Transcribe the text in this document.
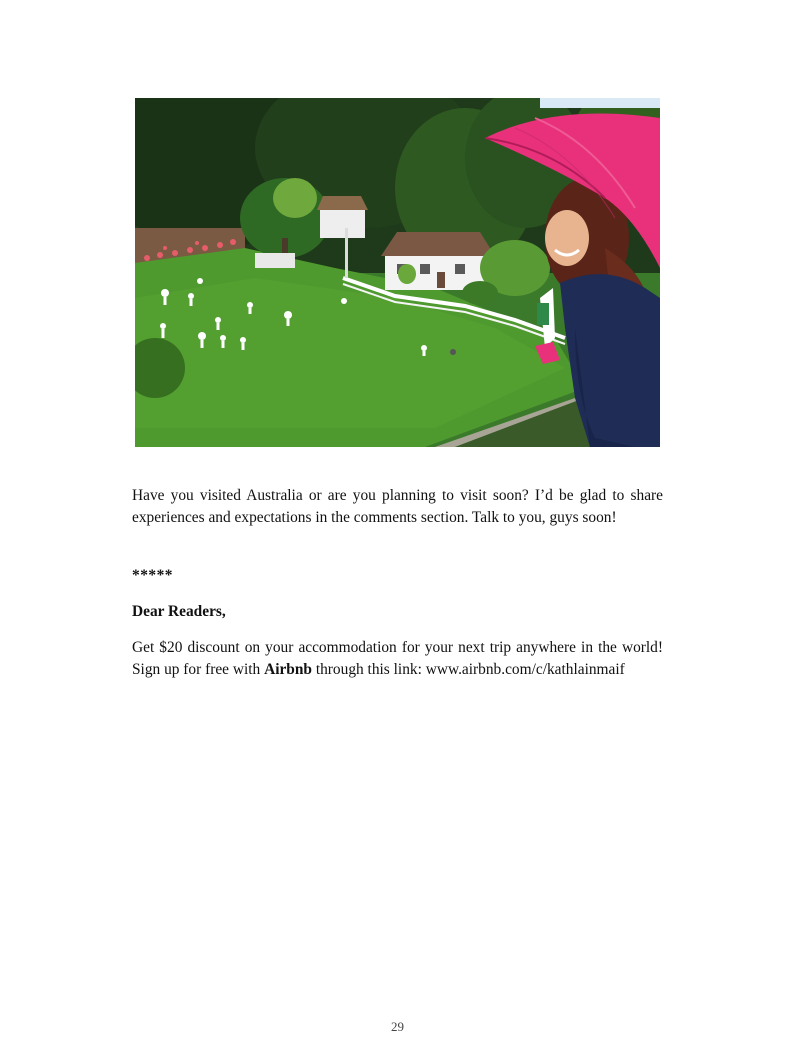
Have you visited Australia or are you planning to visit soon? I’d be glad to share experiences and expectations in the comments section. Talk to you, guys soon!

*****

Dear Readers,

Get $20 discount on your accommodation for your next trip anywhere in the world! Sign up for free with Airbnb through this link: www.airbnb.com/c/kathlainmaif

29
